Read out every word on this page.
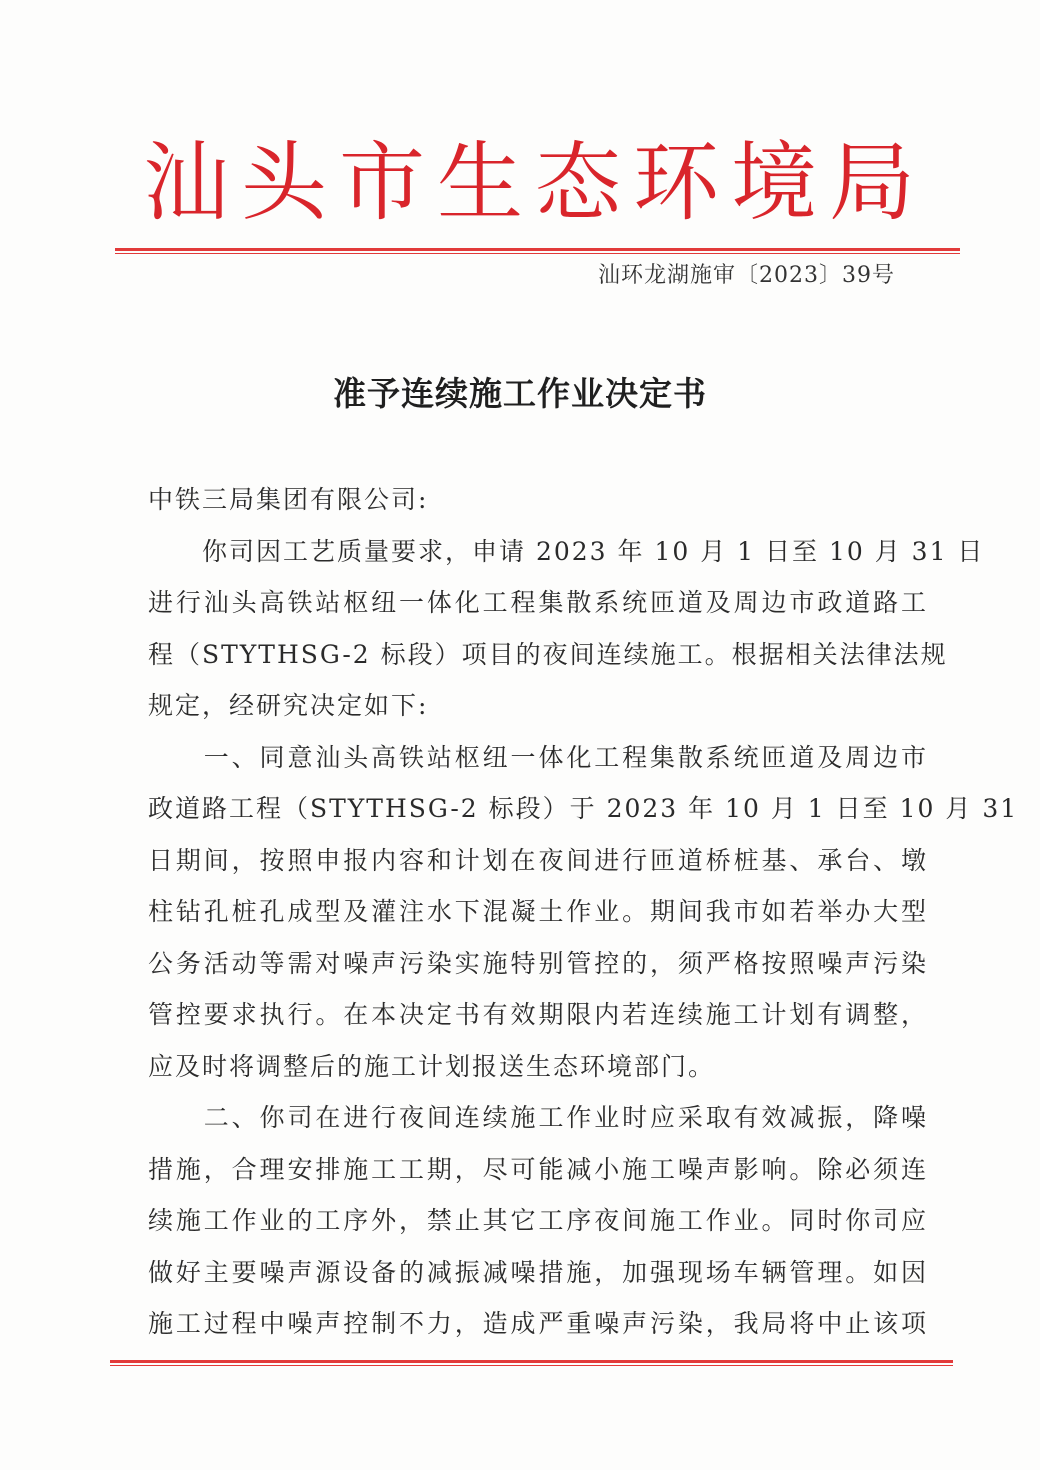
汕头市生态环境局
汕环龙湖施审〔2023〕39号
准予连续施工作业决定书
中铁三局集团有限公司:
　　你司因工艺质量要求，申请 2023 年 10 月 1 日至 10 月 31 日
进行汕头高铁站枢纽一体化工程集散系统匝道及周边市政道路工
程（STYTHSG-2 标段）项目的夜间连续施工。根据相关法律法规
规定，经研究决定如下:
　　一、同意汕头高铁站枢纽一体化工程集散系统匝道及周边市
政道路工程（STYTHSG-2 标段）于 2023 年 10 月 1 日至 10 月 31
日期间，按照申报内容和计划在夜间进行匝道桥桩基、承台、墩
柱钻孔桩孔成型及灌注水下混凝土作业。期间我市如若举办大型
公务活动等需对噪声污染实施特别管控的，须严格按照噪声污染
管控要求执行。在本决定书有效期限内若连续施工计划有调整，
应及时将调整后的施工计划报送生态环境部门。
　　二、你司在进行夜间连续施工作业时应采取有效减振，降噪
措施，合理安排施工工期，尽可能减小施工噪声影响。除必须连
续施工作业的工序外，禁止其它工序夜间施工作业。同时你司应
做好主要噪声源设备的减振减噪措施，加强现场车辆管理。如因
施工过程中噪声控制不力，造成严重噪声污染，我局将中止该项
